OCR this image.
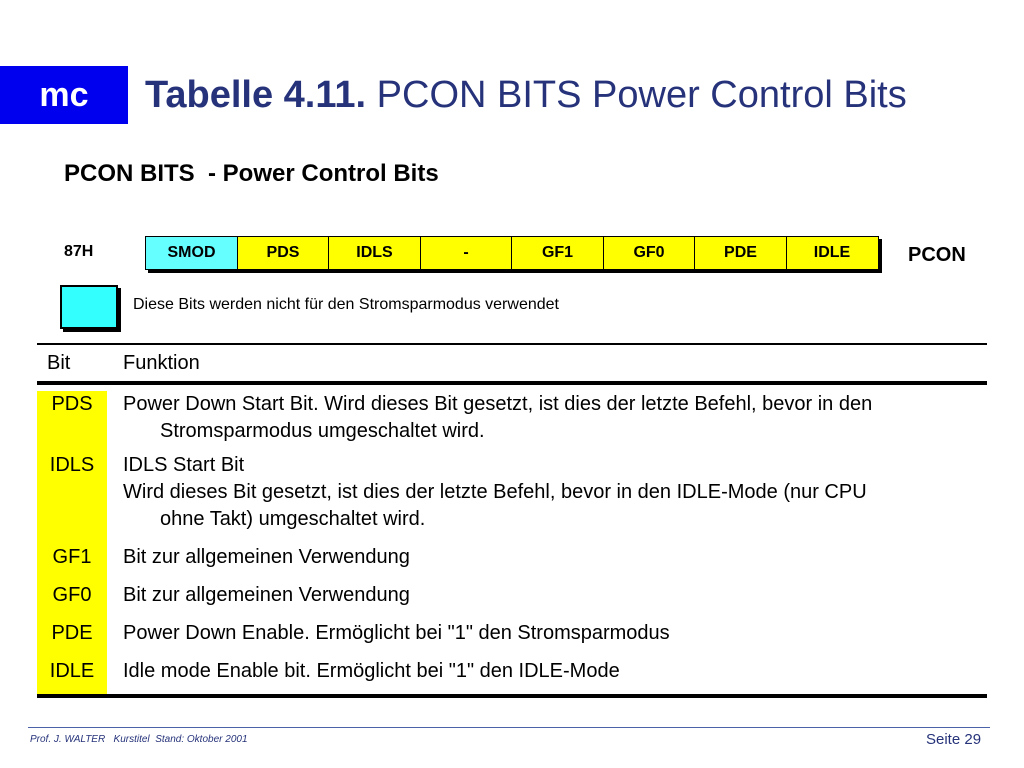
mc	Tabelle 4.11. PCON BITS Power Control Bits
PCON BITS  - Power Control Bits
87H	SMOD	PDS	IDLS	-	GF1	GF0	PDE	IDLE	PCON
Diese Bits werden nicht für den Stromsparmodus verwendet
Bit	Funktion
PDS	Power Down Start Bit. Wird dieses Bit gesetzt, ist dies der letzte Befehl, bevor in den
Stromsparmodus umgeschaltet wird.
IDLS	IDLS Start Bit
Wird dieses Bit gesetzt, ist dies der letzte Befehl, bevor in den IDLE-Mode (nur CPU
ohne Takt) umgeschaltet wird.
GF1	Bit zur allgemeinen Verwendung
GF0	Bit zur allgemeinen Verwendung
PDE	Power Down Enable. Ermöglicht bei "1" den Stromsparmodus
IDLE	Idle mode Enable bit. Ermöglicht bei "1" den IDLE-Mode
Prof. J. WALTER   Kurstitel  Stand: Oktober 2001	Seite 29
